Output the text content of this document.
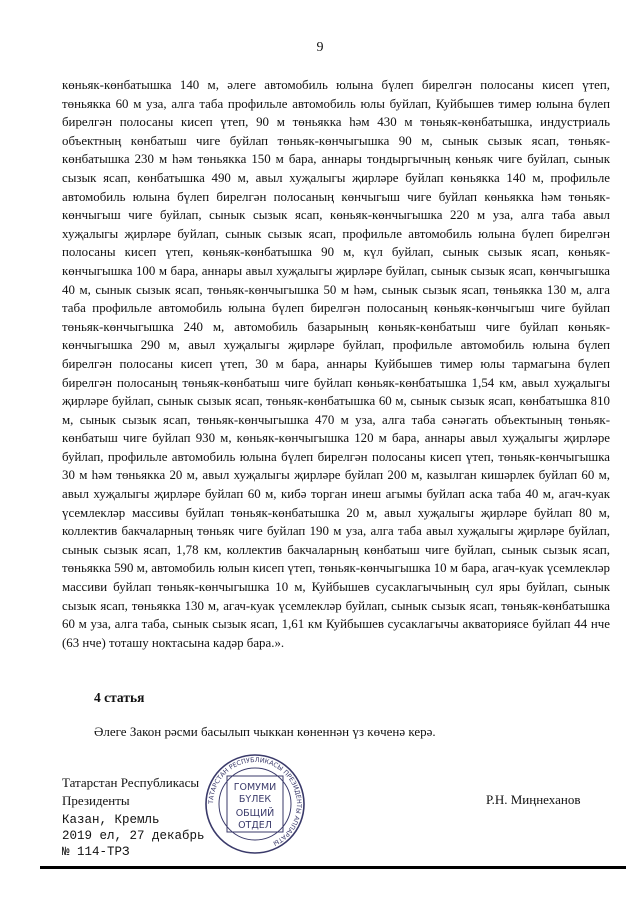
9

көньяк-көнбатышка 140 м, әлеге автомобиль юлына бүлеп бирелгән полосаны кисеп үтеп, төньякка 60 м уза, алга таба профильле автомобиль юлы буйлап, Куйбышев тимер юлына бүлеп бирелгән полосаны кисеп үтеп, 90 м төньякка һәм 430 м төньяк-көнбатышка, индустриаль объектның көнбатыш чиге буйлап төньяк-көнчыгышка 90 м, сынык сызык ясап, төньяк-көнбатышка 230 м һәм төньякка 150 м бара, аннары тондыргычның көньяк чиге буйлап, сынык сызык ясап, көнбатышка 490 м, авыл хуҗалыгы җирләре буйлап көньякка 140 м, профильле автомобиль юлына бүлеп бирелгән полосаның көнчыгыш чиге буйлап көньякка һәм төньяк-көнчыгыш чиге буйлап, сынык сызык ясап, көньяк-көнчыгышка 220 м уза, алга таба авыл хуҗалыгы җирләре буйлап, сынык сызык ясап, профильле автомобиль юлына бүлеп бирелгән полосаны кисеп үтеп, көньяк-көнбатышка 90 м, күл буйлап, сынык сызык ясап, көньяк-көнчыгышка 100 м бара, аннары авыл хуҗалыгы җирләре буйлап, сынык сызык ясап, көнчыгышка 40 м, сынык сызык ясап, төньяк-көнчыгышка 50 м һәм, сынык сызык ясап, төньякка 130 м, алга таба профильле автомобиль юлына бүлеп бирелгән полосаның көньяк-көнчыгыш чиге буйлап төньяк-көнчыгышка 240 м, автомобиль базарының көньяк-көнбатыш чиге буйлап көньяк-көнчыгышка 290 м, авыл хуҗалыгы җирләре буйлап, профильле автомобиль юлына бүлеп бирелгән полосаны кисеп үтеп, 30 м бара, аннары Куйбышев тимер юлы тармагына бүлеп бирелгән полосаның төньяк-көнбатыш чиге буйлап көньяк-көнбатышка 1,54 км, авыл хуҗалыгы җирләре буйлап, сынык сызык ясап, төньяк-көнбатышка 60 м, сынык сызык ясап, көнбатышка 810 м, сынык сызык ясап, төньяк-көнчыгышка 470 м уза, алга таба сәнәгать объектының төньяк-көнбатыш чиге буйлап 930 м, көньяк-көнчыгышка 120 м бара, аннары авыл хуҗалыгы җирләре буйлап, профильле автомобиль юлына бүлеп бирелгән полосаны кисеп үтеп, төньяк-көнчыгышка 30 м һәм төньякка 20 м, авыл хуҗалыгы җирләре буйлап 200 м, казылган кишәрлек буйлап 60 м, авыл хуҗалыгы җирләре буйлап 60 м, кибә торган инеш агымы буйлап аска таба 40 м, агач-куак үсемлекләр массивы буйлап төньяк-көнбатышка 20 м, авыл хуҗалыгы җирләре буйлап 80 м, коллектив бакчаларның төньяк чиге буйлап 190 м уза, алга таба авыл хуҗалыгы җирләре буйлап, сынык сызык ясап, 1,78 км, коллектив бакчаларның көнбатыш чиге буйлап, сынык сызык ясап, төньякка 590 м, автомобиль юлын кисеп үтеп, төньяк-көнчыгышка 10 м бара, агач-куак үсемлекләр массиви буйлап төньяк-көнчыгышка 10 м, Куйбышев сусаклагычының сул яры буйлап, сынык сызык ясап, төньякка 130 м, агач-куак үсемлекләр буйлап, сынык сызык ясап, төньяк-көнбатышка 60 м уза, алга таба, сынык сызык ясап, 1,61 км Куйбышев сусаклагычы акваториясе буйлап 44 нче (63 нче) тоташу ноктасына кадәр бара.».

4 статья
Әлеге Закон рәсми басылып чыккан көненнән үз көченә керә.
Татарстан Республикасы
Президенты	Р.Н. Миңнеханов
Казан, Кремль
2019 ел, 27 декабрь
№ 114-ТРЗ
ТАТАРСТАН РЕСПУБЛИКАСЫ ПРЕЗИДЕНТЫ АППАРАТЫ
ГОМУМИ
БҮЛЕК
ОБЩИЙ
ОТДЕЛ
